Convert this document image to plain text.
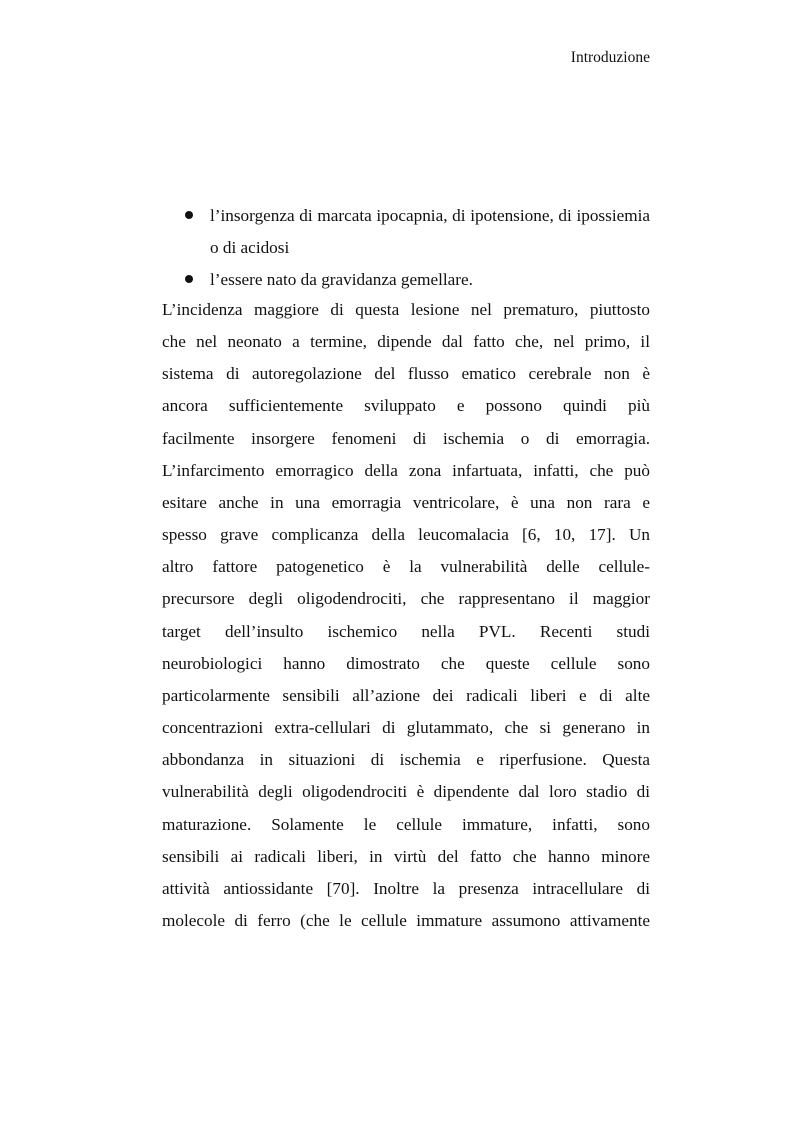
Introduzione
l’insorgenza di marcata ipocapnia, di ipotensione, di ipossiemia o di acidosi
l’essere nato da gravidanza gemellare.

L’incidenza maggiore di questa lesione nel prematuro, piuttosto
che nel neonato a termine, dipende dal fatto che, nel primo, il
sistema di autoregolazione del flusso ematico cerebrale non è
ancora sufficientemente sviluppato e possono quindi più
facilmente insorgere fenomeni di ischemia o di emorragia.
L’infarcimento emorragico della zona infartuata, infatti, che può
esitare anche in una emorragia ventricolare, è una non rara e
spesso grave complicanza della leucomalacia [6, 10, 17]. Un
altro fattore patogenetico è la vulnerabilità delle cellule-
precursore degli oligodendrociti, che rappresentano il maggior
target dell’insulto ischemico nella PVL. Recenti studi
neurobiologici hanno dimostrato che queste cellule sono
particolarmente sensibili all’azione dei radicali liberi e di alte
concentrazioni extra-cellulari di glutammato, che si generano in
abbondanza in situazioni di ischemia e riperfusione. Questa
vulnerabilità degli oligodendrociti è dipendente dal loro stadio di
maturazione. Solamente le cellule immature, infatti, sono
sensibili ai radicali liberi, in virtù del fatto che hanno minore
attività antiossidante [70]. Inoltre la presenza intracellulare di
molecole di ferro (che le cellule immature assumono attivamente
